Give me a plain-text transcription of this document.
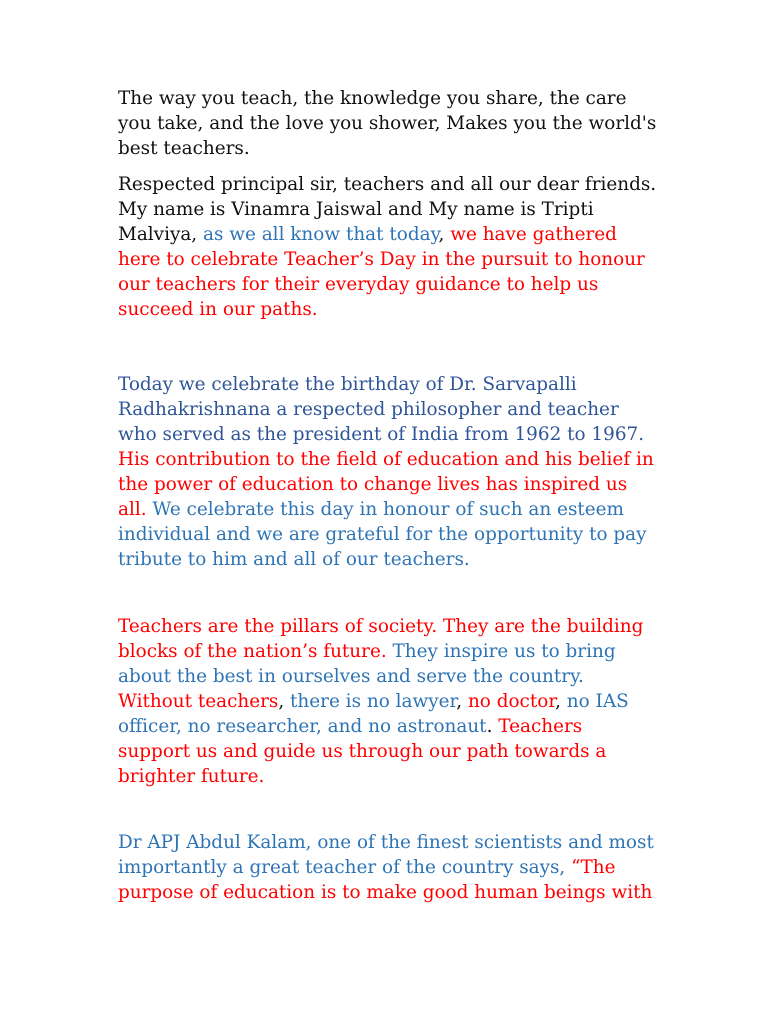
The way you teach, the knowledge you share, the care you take, and the love you shower, Makes you the world's best teachers.

Respected principal sir, teachers and all our dear friends. My name is Vinamra Jaiswal and My name is Tripti Malviya, as we all know that today, we have gathered here to celebrate Teacher’s Day in the pursuit to honour our teachers for their everyday guidance to help us succeed in our paths.

Today we celebrate the birthday of Dr. Sarvapalli Radhakrishnana a respected philosopher and teacher who served as the president of India from 1962 to 1967. His contribution to the field of education and his belief in the power of education to change lives has inspired us all. We celebrate this day in honour of such an esteem individual and we are grateful for the opportunity to pay tribute to him and all of our teachers.

Teachers are the pillars of society. They are the building blocks of the nation’s future. They inspire us to bring about the best in ourselves and serve the country. Without teachers, there is no lawyer, no doctor, no IAS officer, no researcher, and no astronaut. Teachers support us and guide us through our path towards a brighter future.

Dr APJ Abdul Kalam, one of the finest scientists and most importantly a great teacher of the country says, “The purpose of education is to make good human beings with
